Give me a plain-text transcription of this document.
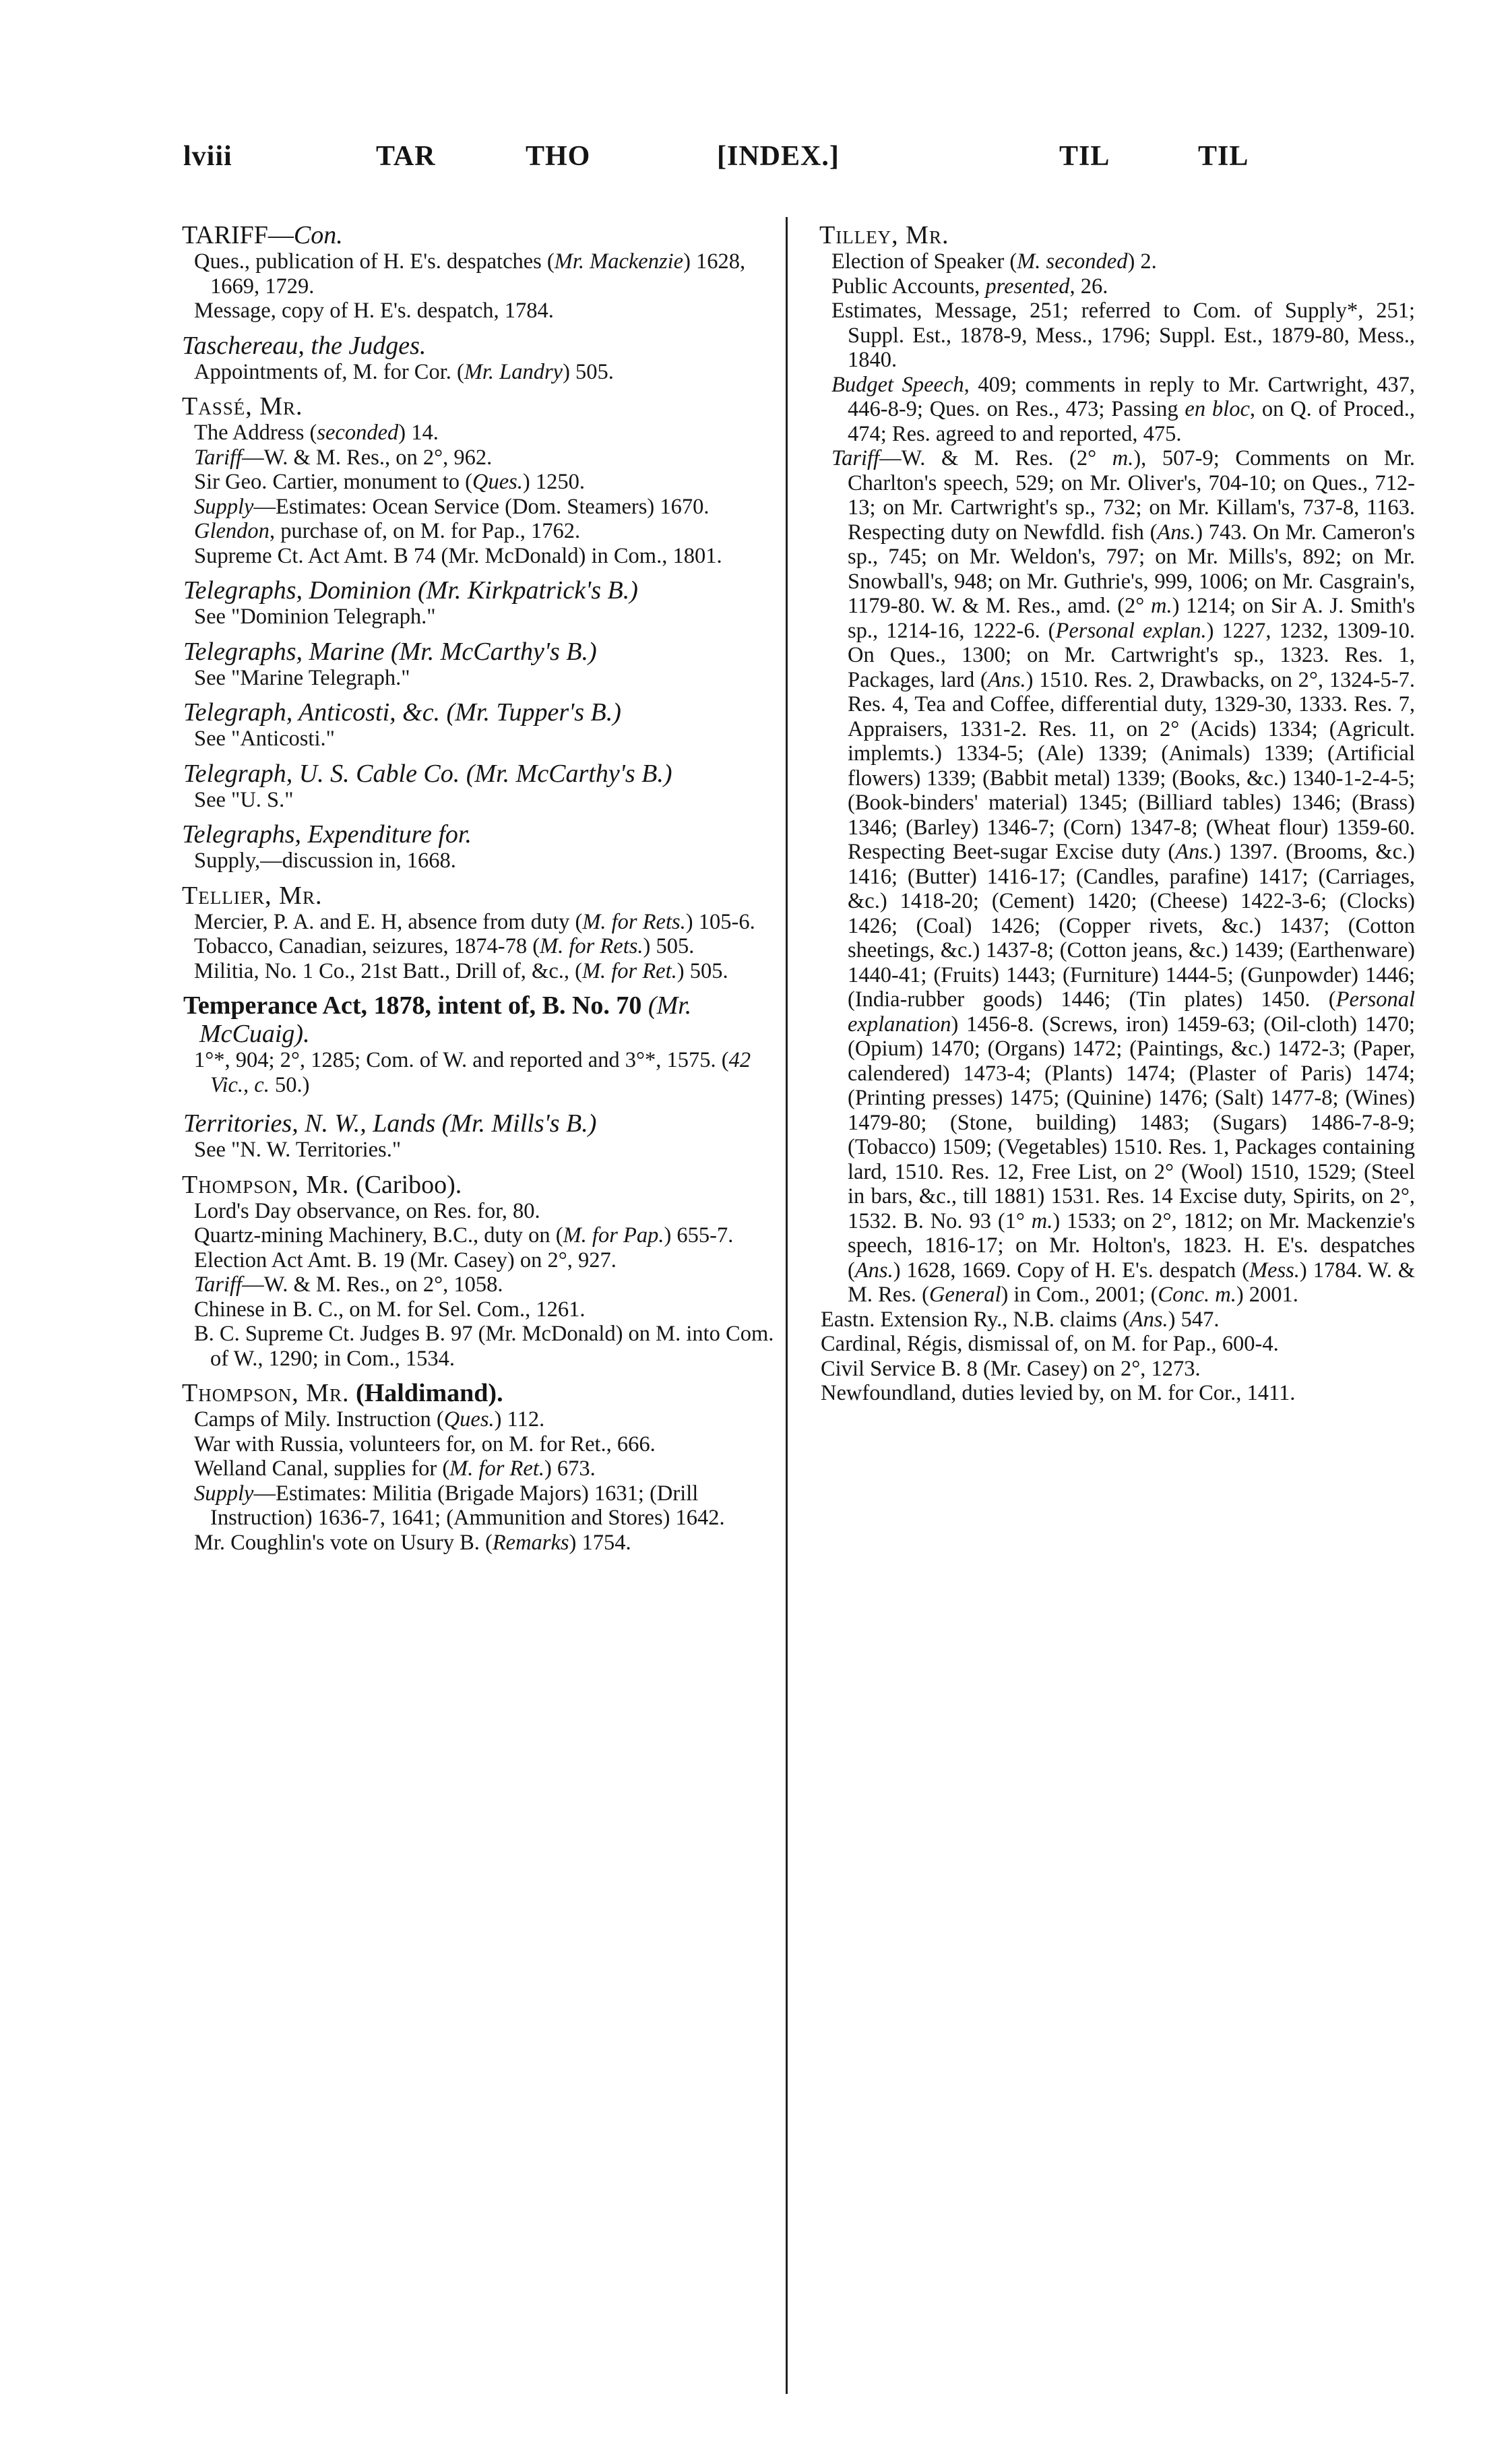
lviii	TAR	THO	[INDEX.]	TIL	TIL
TARIFF—Con.
Ques., publication of H. E's. despatches (Mr. Mackenzie) 1628, 1669, 1729.
Message, copy of H. E's. despatch, 1784.
Taschereau, the Judges.
Appointments of, M. for Cor. (Mr. Landry) 505.
Tassé, Mr.
The Address (seconded) 14.
Tariff—W. & M. Res., on 2°, 962.
Sir Geo. Cartier, monument to (Ques.) 1250.
Supply—Estimates: Ocean Service (Dom. Steamers) 1670.
Glendon, purchase of, on M. for Pap., 1762.
Supreme Ct. Act Amt. B 74 (Mr. McDonald) in Com., 1801.
Telegraphs, Dominion (Mr. Kirkpatrick's B.)
See "Dominion Telegraph."
Telegraphs, Marine (Mr. McCarthy's B.)
See "Marine Telegraph."
Telegraph, Anticosti, &c. (Mr. Tupper's B.)
See "Anticosti."
Telegraph, U. S. Cable Co. (Mr. McCarthy's B.)
See "U. S."
Telegraphs, Expenditure for.
Supply,—discussion in, 1668.
Tellier, Mr.
Mercier, P. A. and E. H, absence from duty (M. for Rets.) 105-6.
Tobacco, Canadian, seizures, 1874-78 (M. for Rets.) 505.
Militia, No. 1 Co., 21st Batt., Drill of, &c., (M. for Ret.) 505.
Temperance Act, 1878, intent of, B. No. 70 (Mr. McCuaig).
1°*, 904; 2°, 1285; Com. of W. and reported and 3°*, 1575. (42 Vic., c. 50.)
Territories, N. W., Lands (Mr. Mills's B.)
See "N. W. Territories."
Thompson, Mr. (Cariboo).
Lord's Day observance, on Res. for, 80.
Quartz-mining Machinery, B.C., duty on (M. for Pap.) 655-7.
Election Act Amt. B. 19 (Mr. Casey) on 2°, 927.
Tariff—W. & M. Res., on 2°, 1058.
Chinese in B. C., on M. for Sel. Com., 1261.
B. C. Supreme Ct. Judges B. 97 (Mr. McDonald) on M. into Com. of W., 1290; in Com., 1534.
Thompson, Mr. (Haldimand).
Camps of Mily. Instruction (Ques.) 112.
War with Russia, volunteers for, on M. for Ret., 666.
Welland Canal, supplies for (M. for Ret.) 673.
Supply—Estimates: Militia (Brigade Majors) 1631; (Drill Instruction) 1636-7, 1641; (Ammunition and Stores) 1642.
Mr. Coughlin's vote on Usury B. (Remarks) 1754.
Tilley, Mr.
Election of Speaker (M. seconded) 2.
Public Accounts, presented, 26.
Estimates, Message, 251; referred to Com. of Supply*, 251; Suppl. Est., 1878-9, Mess., 1796; Suppl. Est., 1879-80, Mess., 1840.
Budget Speech, 409; comments in reply to Mr. Cartwright, 437, 446-8-9; Ques. on Res., 473; Passing en bloc, on Q. of Proced., 474; Res. agreed to and reported, 475.
Tariff—W. & M. Res. (2° m.), 507-9; Comments on Mr. Charlton's speech, 529; on Mr. Oliver's, 704-10; on Ques., 712-13; on Mr. Cartwright's sp., 732; on Mr. Killam's, 737-8, 1163. Respecting duty on Newfdld. fish (Ans.) 743. On Mr. Cameron's sp., 745; on Mr. Weldon's, 797; on Mr. Mills's, 892; on Mr. Snowball's, 948; on Mr. Guthrie's, 999, 1006; on Mr. Casgrain's, 1179-80. W. & M. Res., amd. (2° m.) 1214; on Sir A. J. Smith's sp., 1214-16, 1222-6. (Personal explan.) 1227, 1232, 1309-10. On Ques., 1300; on Mr. Cartwright's sp., 1323. Res. 1, Packages, lard (Ans.) 1510. Res. 2, Drawbacks, on 2°, 1324-5-7. Res. 4, Tea and Coffee, differential duty, 1329-30, 1333. Res. 7, Appraisers, 1331-2. Res. 11, on 2° (Acids) 1334; (Agricult. implemts.) 1334-5; (Ale) 1339; (Animals) 1339; (Artificial flowers) 1339; (Babbit metal) 1339; (Books, &c.) 1340-1-2-4-5; (Book-binders' material) 1345; (Billiard tables) 1346; (Brass) 1346; (Barley) 1346-7; (Corn) 1347-8; (Wheat flour) 1359-60. Respecting Beet-sugar Excise duty (Ans.) 1397. (Brooms, &c.) 1416; (Butter) 1416-17; (Candles, parafine) 1417; (Carriages, &c.) 1418-20; (Cement) 1420; (Cheese) 1422-3-6; (Clocks) 1426; (Coal) 1426; (Copper rivets, &c.) 1437; (Cotton sheetings, &c.) 1437-8; (Cotton jeans, &c.) 1439; (Earthenware) 1440-41; (Fruits) 1443; (Furniture) 1444-5; (Gunpowder) 1446; (India-rubber goods) 1446; (Tin plates) 1450. (Personal explanation) 1456-8. (Screws, iron) 1459-63; (Oil-cloth) 1470; (Opium) 1470; (Organs) 1472; (Paintings, &c.) 1472-3; (Paper, calendered) 1473-4; (Plants) 1474; (Plaster of Paris) 1474; (Printing presses) 1475; (Quinine) 1476; (Salt) 1477-8; (Wines) 1479-80; (Stone, building) 1483; (Sugars) 1486-7-8-9; (Tobacco) 1509; (Vegetables) 1510. Res. 1, Packages containing lard, 1510. Res. 12, Free List, on 2° (Wool) 1510, 1529; (Steel in bars, &c., till 1881) 1531. Res. 14 Excise duty, Spirits, on 2°, 1532. B. No. 93 (1° m.) 1533; on 2°, 1812; on Mr. Mackenzie's speech, 1816-17; on Mr. Holton's, 1823. H. E's. despatches (Ans.) 1628, 1669. Copy of H. E's. despatch (Mess.) 1784. W. & M. Res. (General) in Com., 2001; (Conc. m.) 2001.
Eastn. Extension Ry., N.B. claims (Ans.) 547.
Cardinal, Régis, dismissal of, on M. for Pap., 600-4.
Civil Service B. 8 (Mr. Casey) on 2°, 1273.
Newfoundland, duties levied by, on M. for Cor., 1411.
